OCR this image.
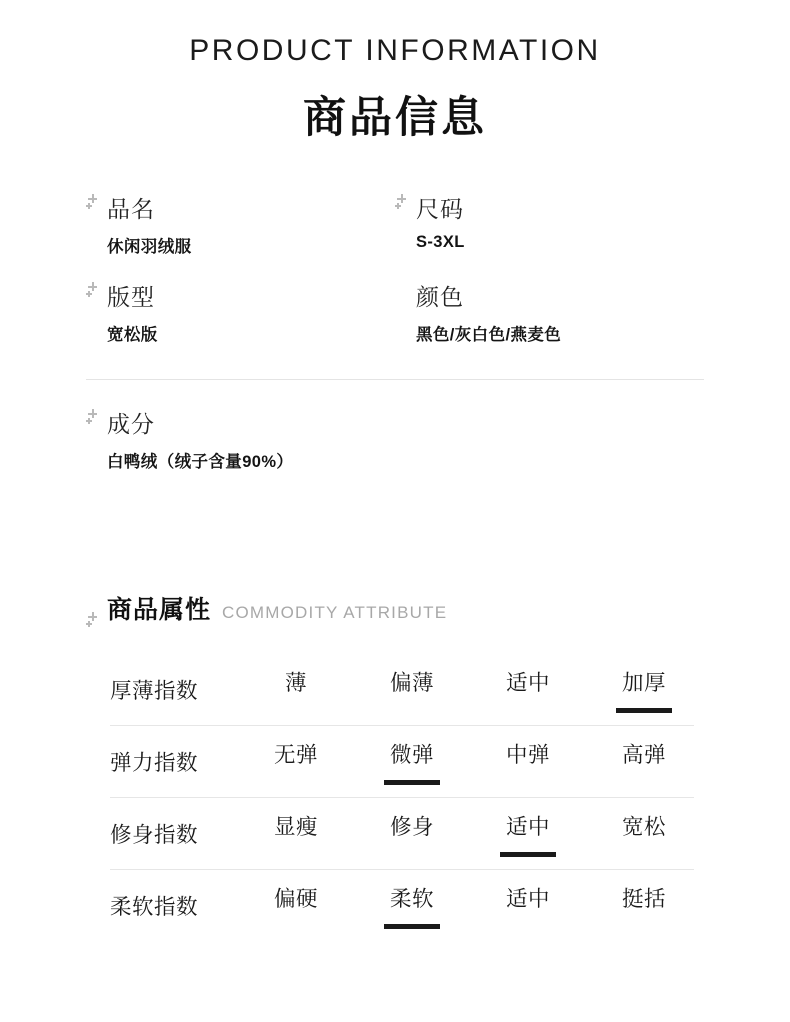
PRODUCT INFORMATION
商品信息
品名
休闲羽绒服
尺码
S-3XL
版型
宽松版
颜色
黑色/灰白色/燕麦色
成分
白鸭绒（绒子含量90%）
商品属性 COMMODITY ATTRIBUTE
厚薄指数	薄	偏薄	适中	加厚
弹力指数	无弹	微弹	中弹	高弹
修身指数	显瘦	修身	适中	宽松
柔软指数	偏硬	柔软	适中	挺括
